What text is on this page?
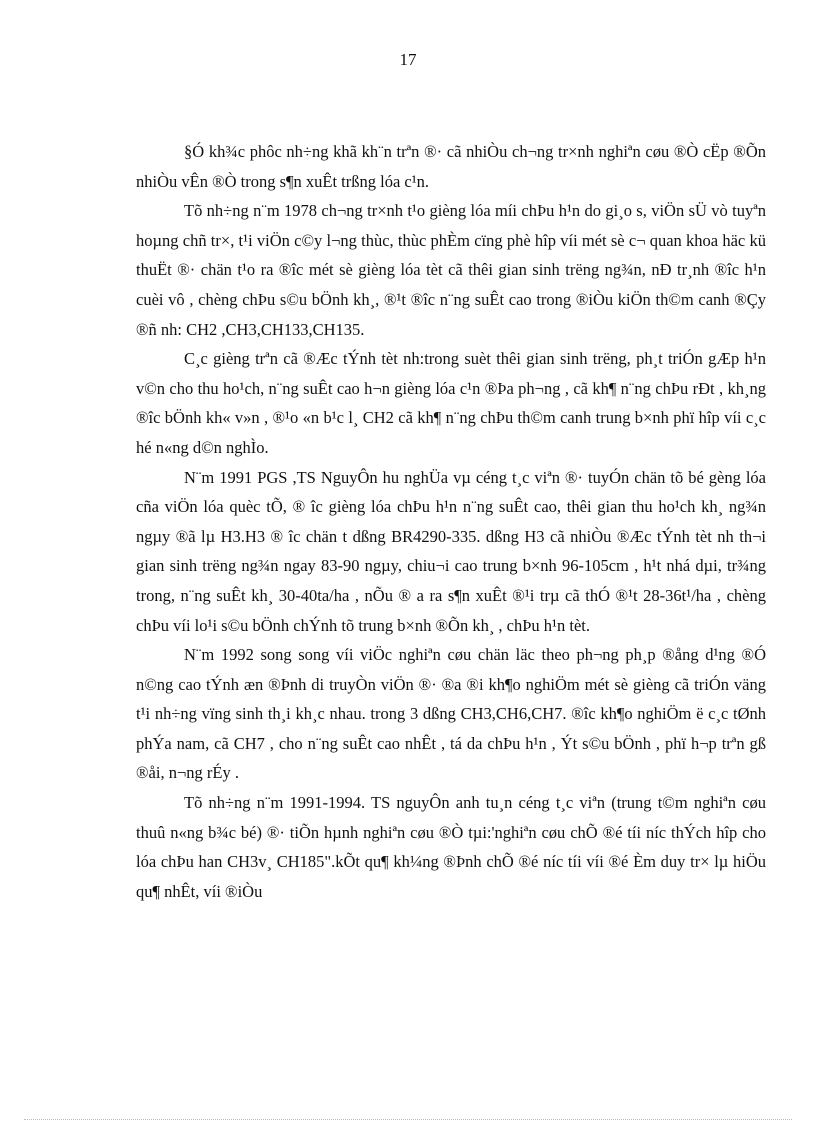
17

§Ó kh¾c phôc nh÷ng khã kh¨n trªn ®· cã nhiÒu ch¬ng tr×nh nghiªn cøu ®Ò cËp ®Õn nhiÒu vÊn ®Ò trong s¶n xuÊt trßng lóa c¹n.

Tõ nh÷ng n¨m 1978 ch¬ng tr×nh t¹o gièng lóa míi chÞu h¹n do gi¸o s, viÖn sÜ vò tuyªn hoµng chñ tr×, t¹i viÖn c©y l¬ng thùc, thùc phÈm cïng phè hîp víi mét sè c¬ quan khoa häc kü thuËt ®· chän t¹o ra ®îc mét sè gièng lóa tèt cã thêi gian sinh trëng ng¾n, nÐ tr¸nh ®îc h¹n cuèi vô , chèng chÞu s©u bÖnh kh¸, ®¹t ®îc n¨ng suÊt cao trong ®iÒu kiÖn th©m canh ®Çy ®ñ nh: CH2 ,CH3,CH133,CH135.

C¸c gièng trªn cã ®Æc tÝnh tèt nh:trong suèt thêi gian sinh trëng, ph¸t triÓn gÆp h¹n v©n cho thu ho¹ch, n¨ng suÊt cao h¬n gièng lóa c¹n ®Þa ph¬ng , cã kh¶ n¨ng chÞu rÐt , kh¸ng ®îc bÖnh kh« v»n , ®¹o «n b¹c l¸ CH2 cã kh¶ n¨ng chÞu th©m canh trung b×nh phï hîp víi c¸c hé n«ng d©n nghÌo.

N¨m 1991 PGS ,TS NguyÔn hu nghÜa vµ céng t¸c viªn ®· tuyÓn chän tõ bé gèng lóa cña viÖn lóa quèc tÕ, ® îc gièng lóa chÞu h¹n n¨ng suÊt cao, thêi gian thu ho¹ch kh¸ ng¾n ngµy ®ã lµ H3.H3 ® îc chän t dßng BR4290-335. dßng H3 cã nhiÒu ®Æc tÝnh tèt nh th¬i gian sinh trëng ng¾n ngay 83-90 ngµy, chiu¬i cao trung b×nh 96-105cm , h¹t nhá dµi, tr¾ng trong, n¨ng suÊt kh¸ 30-40ta/ha , nÕu ® a ra s¶n xuÊt ®¹i trµ cã thÓ ®¹t 28-36t¹/ha , chèng chÞu víi lo¹i s©u bÖnh chÝnh tõ trung b×nh ®Õn kh¸ , chÞu h¹n tèt.

N¨m 1992 song song víi viÖc nghiªn cøu chän läc theo ph¬ng ph¸p ®ång d¹ng ®Ó n©ng cao tÝnh æn ®Þnh di truyÒn viÖn ®· ®a ®i kh¶o nghiÖm mét sè gièng cã triÓn väng t¹i nh÷ng vïng sinh th¸i kh¸c nhau. trong 3 dßng CH3,CH6,CH7. ®îc kh¶o nghiÖm ë c¸c tØnh phÝa nam, cã CH7 , cho n¨ng suÊt cao nhÊt , tá da chÞu h¹n , Ýt s©u bÖnh , phï h¬p trªn gß ®åi, n¬ng rÉy .

Tõ nh÷ng n¨m 1991-1994. TS nguyÔn anh tu¸n céng t¸c viªn (trung t©m nghiªn cøu thuû n«ng b¾c bé) ®· tiÕn hµnh nghiªn cøu ®Ò tµi:'nghiªn cøu chÕ ®é tíi níc thÝch hîp cho lóa chÞu han CH3v¸ CH185".kÕt qu¶ kh¼ng ®Þnh chÕ ®é níc tíi víi ®é Èm duy tr× lµ hiÖu qu¶ nhÊt, víi ®iÒu
